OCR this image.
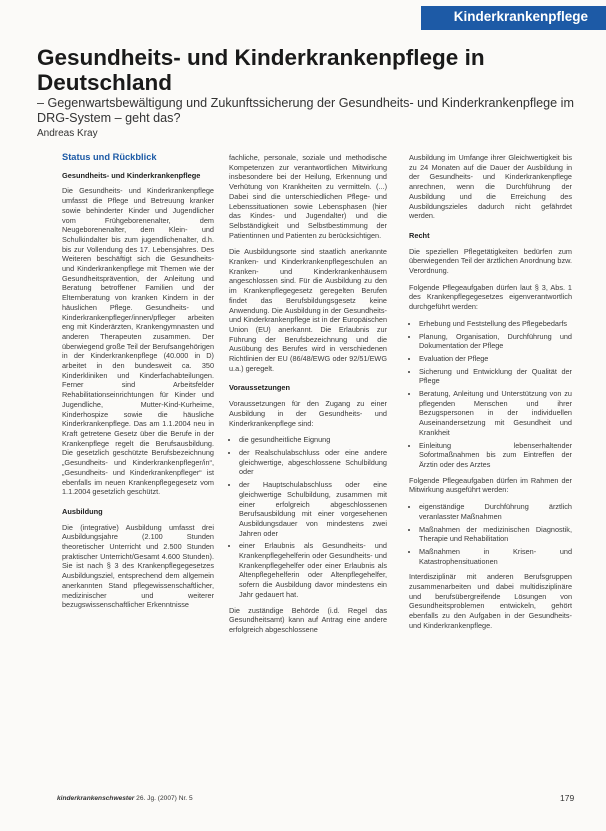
Kinderkrankenpflege
Gesundheits- und Kinderkrankenpflege in Deutschland
– Gegenwartsbewältigung und Zukunftssicherung der Gesundheits- und Kinderkrankenpflege im DRG-System – geht das?
Andreas Kray
Status und Rückblick
Gesundheits- und Kinderkrankenpflege

Die Gesundheits- und Kinderkrankenpflege umfasst die Pflege und Betreuung kranker sowie behinderter Kinder und Jugendlicher vom Frühgeborenenalter, dem Neugeborenenalter, dem Klein- und Schulkindalter bis zum jugendlichenalter, d.h. bis zur Vollendung des 17. Lebensjahres. Des Weiteren beschäftigt sich die Gesundheits- und Kinderkrankenpflege mit Themen wie der Gesundheitsprävention, der Anleitung und Beratung betroffener Familien und der Elternberatung von kranken Kindern in der häuslichen Pflege. Gesundheits- und Kinderkrankenpfleger/innen/pfleger arbeiten eng mit Kinderärzten, Krankengymnasten und anderen Therapeuten zusammen. Der überwiegend große Teil der Berufsangehörigen in der Kinderkrankenpflege (40.000 in D) arbeitet in den bundesweit ca. 350 Kinderkliniken und Kinderfachabteilungen. Ferner sind Arbeitsfelder Rehabilitationseinrichtungen für Kinder und Jugendliche, Mutter-Kind-Kurheime, Kinderhospize sowie die häusliche Kinderkrankenpflege. Das am 1.1.2004 neu in Kraft getretene Gesetz über die Berufe in der Krankenpflege regelt die Berufsausbildung. Die gesetzlich geschützte Berufsbezeichnung „Gesundheits- und Kinderkrankenpfleger/in“, „Gesundheits- und Kinderkrankenpfleger“ ist ebenfalls im neuen Krankenpflegegesetz vom 1.1.2004 gesetzlich geschützt.

Ausbildung

Die (integrative) Ausbildung umfasst drei Ausbildungsjahre (2.100 Stunden theoretischer Unterricht und 2.500 Stunden praktischer Unterricht/Gesamt 4.600 Stunden). Sie ist nach § 3 des Krankenpflegegesetzes Ausbildungsziel, entsprechend dem allgemein anerkannten Stand pflegewissenschaftlicher, medizinischer und weiterer bezugswissenschaftlicher Erkenntnisse

fachliche, personale, soziale und methodische Kompetenzen zur verantwortlichen Mitwirkung insbesondere bei der Heilung, Erkennung und Verhütung von Krankheiten zu vermitteln. (...) Dabei sind die unterschiedlichen Pflege- und Lebenssituationen sowie Lebensphasen (hier das Kindes- und Jugendalter) und die Selbständigkeit und Selbstbestimmung der Patientinnen und Patienten zu berücksichtigen.

Die Ausbildungsorte sind staatlich anerkannte Kranken- und Kinderkrankenpflegeschulen an Kranken- und Kinderkrankenhäusern angeschlossen sind. Für die Ausbildung zu den im Krankenpflegegesetz geregelten Berufen findet das Berufsbildungsgesetz keine Anwendung. Die Ausbildung in der Gesundheits- und Kinderkrankenpflege ist in der Europäischen Union (EU) anerkannt. Die Erlaubnis zur Führung der Berufsbezeichnung und die Ausübung des Berufes wird in verschiedenen Richtlinien der EU (86/48/EWG oder 92/51/EWG u.a.) geregelt.

Voraussetzungen

Voraussetzungen für den Zugang zu einer Ausbildung in der Gesundheits- und Kinderkrankenpflege sind:

• die gesundheitliche Eignung
• der Realschulabschluss oder eine andere gleichwertige, abgeschlossene Schulbildung oder
• der Hauptschulabschluss oder eine gleichwertige Schulbildung, zusammen mit einer erfolgreich abgeschlossenen Berufsausbildung mit einer vorgesehenen Ausbildungsdauer von mindestens zwei Jahren oder
• einer Erlaubnis als Gesundheits- und Krankenpflegehelferin oder Gesundheits- und Krankenpflegehelfer oder einer Erlaubnis als Altenpflegehelferin oder Altenpflegehelfer, sofern die Ausbildung davor mindestens ein Jahr gedauert hat.

Die zuständige Behörde (i.d. Regel das Gesundheitsamt) kann auf Antrag eine andere erfolgreich abgeschlossene

Ausbildung im Umfange ihrer Gleichwertigkeit bis zu 24 Monaten auf die Dauer der Ausbildung in der Gesundheits- und Kinderkrankenpflege anrechnen, wenn die Durchführung der Ausbildung und die Erreichung des Ausbildungszieles dadurch nicht gefährdet werden.

Recht

Die speziellen Pflegetätigkeiten bedürfen zum überwiegenden Teil der ärztlichen Anordnung bzw. Verordnung.

Folgende Pflegeaufgaben dürfen laut § 3, Abs. 1 des Krankenpflegegesetzes eigenverantwortlich durchgeführt werden:

• Erhebung und Feststellung des Pflegebedarfs
• Planung, Organisation, Durchführung und Dokumentation der Pflege
• Evaluation der Pflege
• Sicherung und Entwicklung der Qualität der Pflege
• Beratung, Anleitung und Unterstützung von zu pflegenden Menschen und ihrer Bezugspersonen in der individuellen Auseinandersetzung mit Gesundheit und Krankheit
• Einleitung lebenserhaltender Sofortmaßnahmen bis zum Eintreffen der Ärztin oder des Arztes

Folgende Pflegeaufgaben dürfen im Rahmen der Mitwirkung ausgeführt werden:

• eigenständige Durchführung ärztlich veranlasster Maßnahmen
• Maßnahmen der medizinischen Diagnostik, Therapie und Rehabilitation
• Maßnahmen in Krisen- und Katastrophensituationen

Interdisziplinär mit anderen Berufsgruppen zusammenarbeiten und dabei multidisziplinäre und berufsübergreifende Lösungen von Gesundheitsproblemen entwickeln, gehört ebenfalls zu den Aufgaben in der Gesundheits- und Kinderkrankenpflege.

kinderkrankenschwester 26. Jg. (2007) Nr. 5	179
